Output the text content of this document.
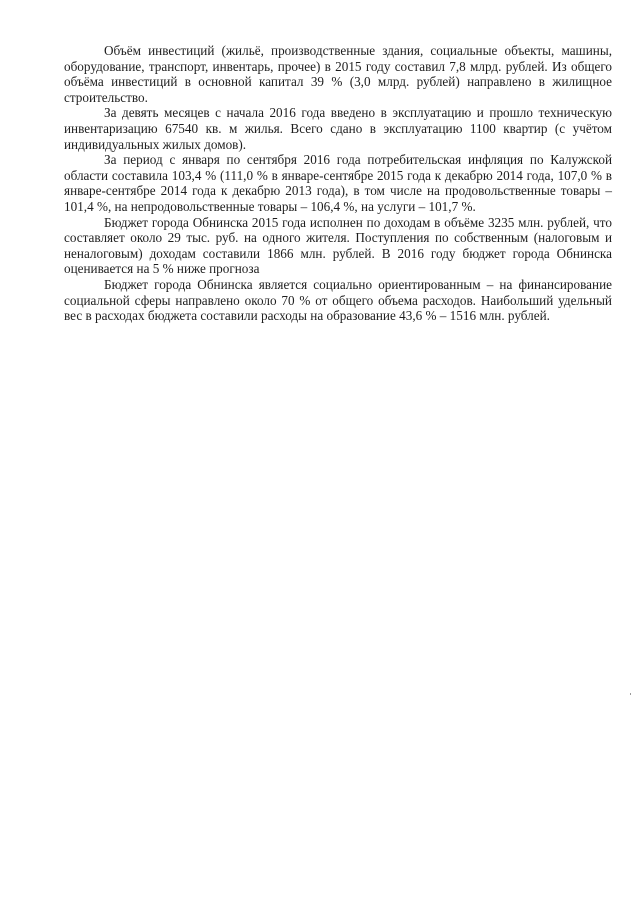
Объём инвестиций (жильё, производственные здания, социальные объекты, машины, оборудование, транспорт, инвентарь, прочее) в 2015 году составил 7,8 млрд. рублей. Из общего объёма инвестиций в основной капитал 39 % (3,0 млрд. рублей) направлено в жилищное строительство.

За девять месяцев с начала 2016 года введено в эксплуатацию и прошло техническую инвентаризацию 67540 кв. м жилья. Всего сдано в эксплуатацию 1100 квартир (с учётом индивидуальных жилых домов).

За период с января по сентября 2016 года потребительская инфляция по Калужской области составила 103,4 % (111,0 % в январе-сентябре 2015 года к декабрю 2014 года, 107,0 % в январе-сентябре 2014 года к декабрю 2013 года), в том числе на продовольственные товары – 101,4 %, на непродовольственные товары – 106,4 %, на услуги – 101,7 %.

Бюджет города Обнинска 2015 года исполнен по доходам в объёме 3235 млн. рублей, что составляет около 29 тыс. руб. на одного жителя. Поступления по собственным (налоговым и неналоговым) доходам составили 1866 млн. рублей. В 2016 году бюджет города Обнинска оценивается на 5 % ниже прогноза

Бюджет города Обнинска является социально ориентированным – на финансирование социальной сферы направлено около 70 % от общего объема расходов. Наибольший удельный вес в расходах бюджета составили расходы на образование 43,6 % – 1516 млн. рублей.
